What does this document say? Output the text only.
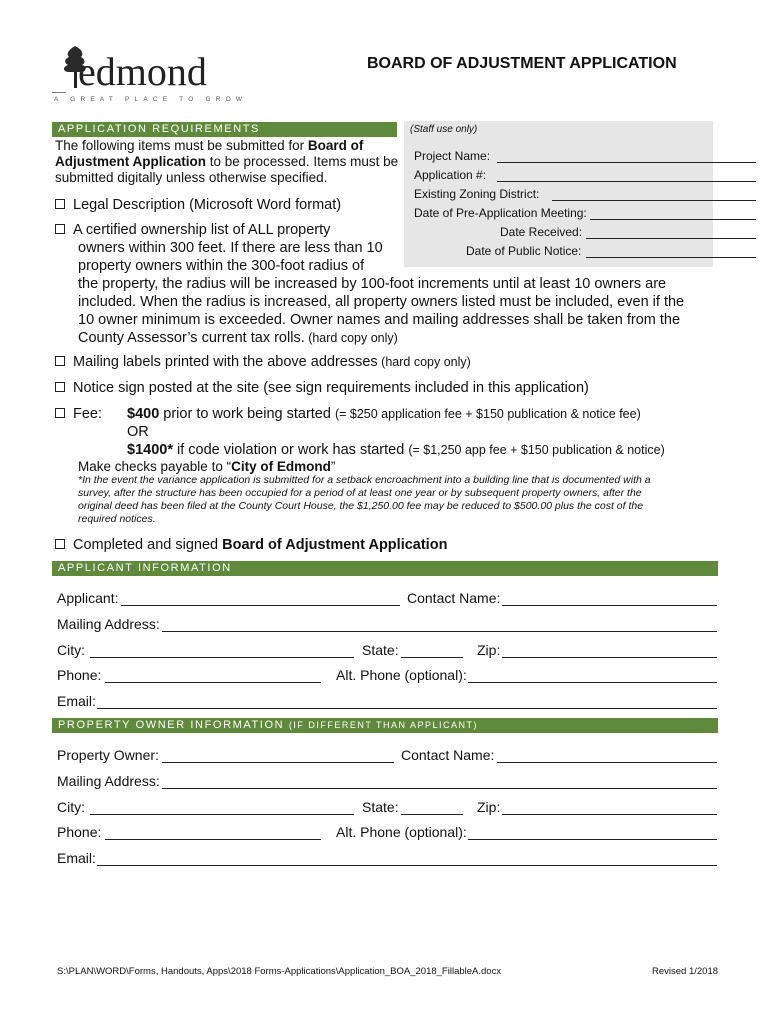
edmond
A GREAT PLACE TO GROW
BOARD OF ADJUSTMENT APPLICATION
APPLICATION REQUIREMENTS
The following items must be submitted for Board of
Adjustment Application to be processed. Items must be
submitted digitally unless otherwise specified.
Legal Description (Microsoft Word format)
A certified ownership list of ALL property
owners within 300 feet. If there are less than 10
property owners within the 300-foot radius of
the property, the radius will be increased by 100-foot increments until at least 10 owners are
included. When the radius is increased, all property owners listed must be included, even if the
10 owner minimum is exceeded. Owner names and mailing addresses shall be taken from the
County Assessor’s current tax rolls. (hard copy only)
Mailing labels printed with the above addresses (hard copy only)
Notice sign posted at the site (see sign requirements included in this application)
Fee: $400 prior to work being started (= $250 application fee + $150 publication & notice fee)
OR
$1400* if code violation or work has started (= $1,250 app fee + $150 publication & notice)
Make checks payable to “City of Edmond”
*In the event the variance application is submitted for a setback encroachment into a building line that is documented with a
survey, after the structure has been occupied for a period of at least one year or by subsequent property owners, after the
original deed has been filed at the County Court House, the $1,250.00 fee may be reduced to $500.00 plus the cost of the
required notices.
Completed and signed Board of Adjustment Application
(Staff use only)
Project Name:
Application #:
Existing Zoning District:
Date of Pre-Application Meeting:
Date Received:
Date of Public Notice:
APPLICANT INFORMATION
Applicant:	Contact Name:
Mailing Address:
City:	State:	Zip:
Phone:	Alt. Phone (optional):
Email:
PROPERTY OWNER INFORMATION (IF DIFFERENT THAN APPLICANT)
Property Owner:	Contact Name:
Mailing Address:
City:	State:	Zip:
Phone:	Alt. Phone (optional):
Email:
S:\PLAN\WORD\Forms, Handouts, Apps\2018 Forms-Applications\Application_BOA_2018_FillableA.docx	Revised 1/2018
